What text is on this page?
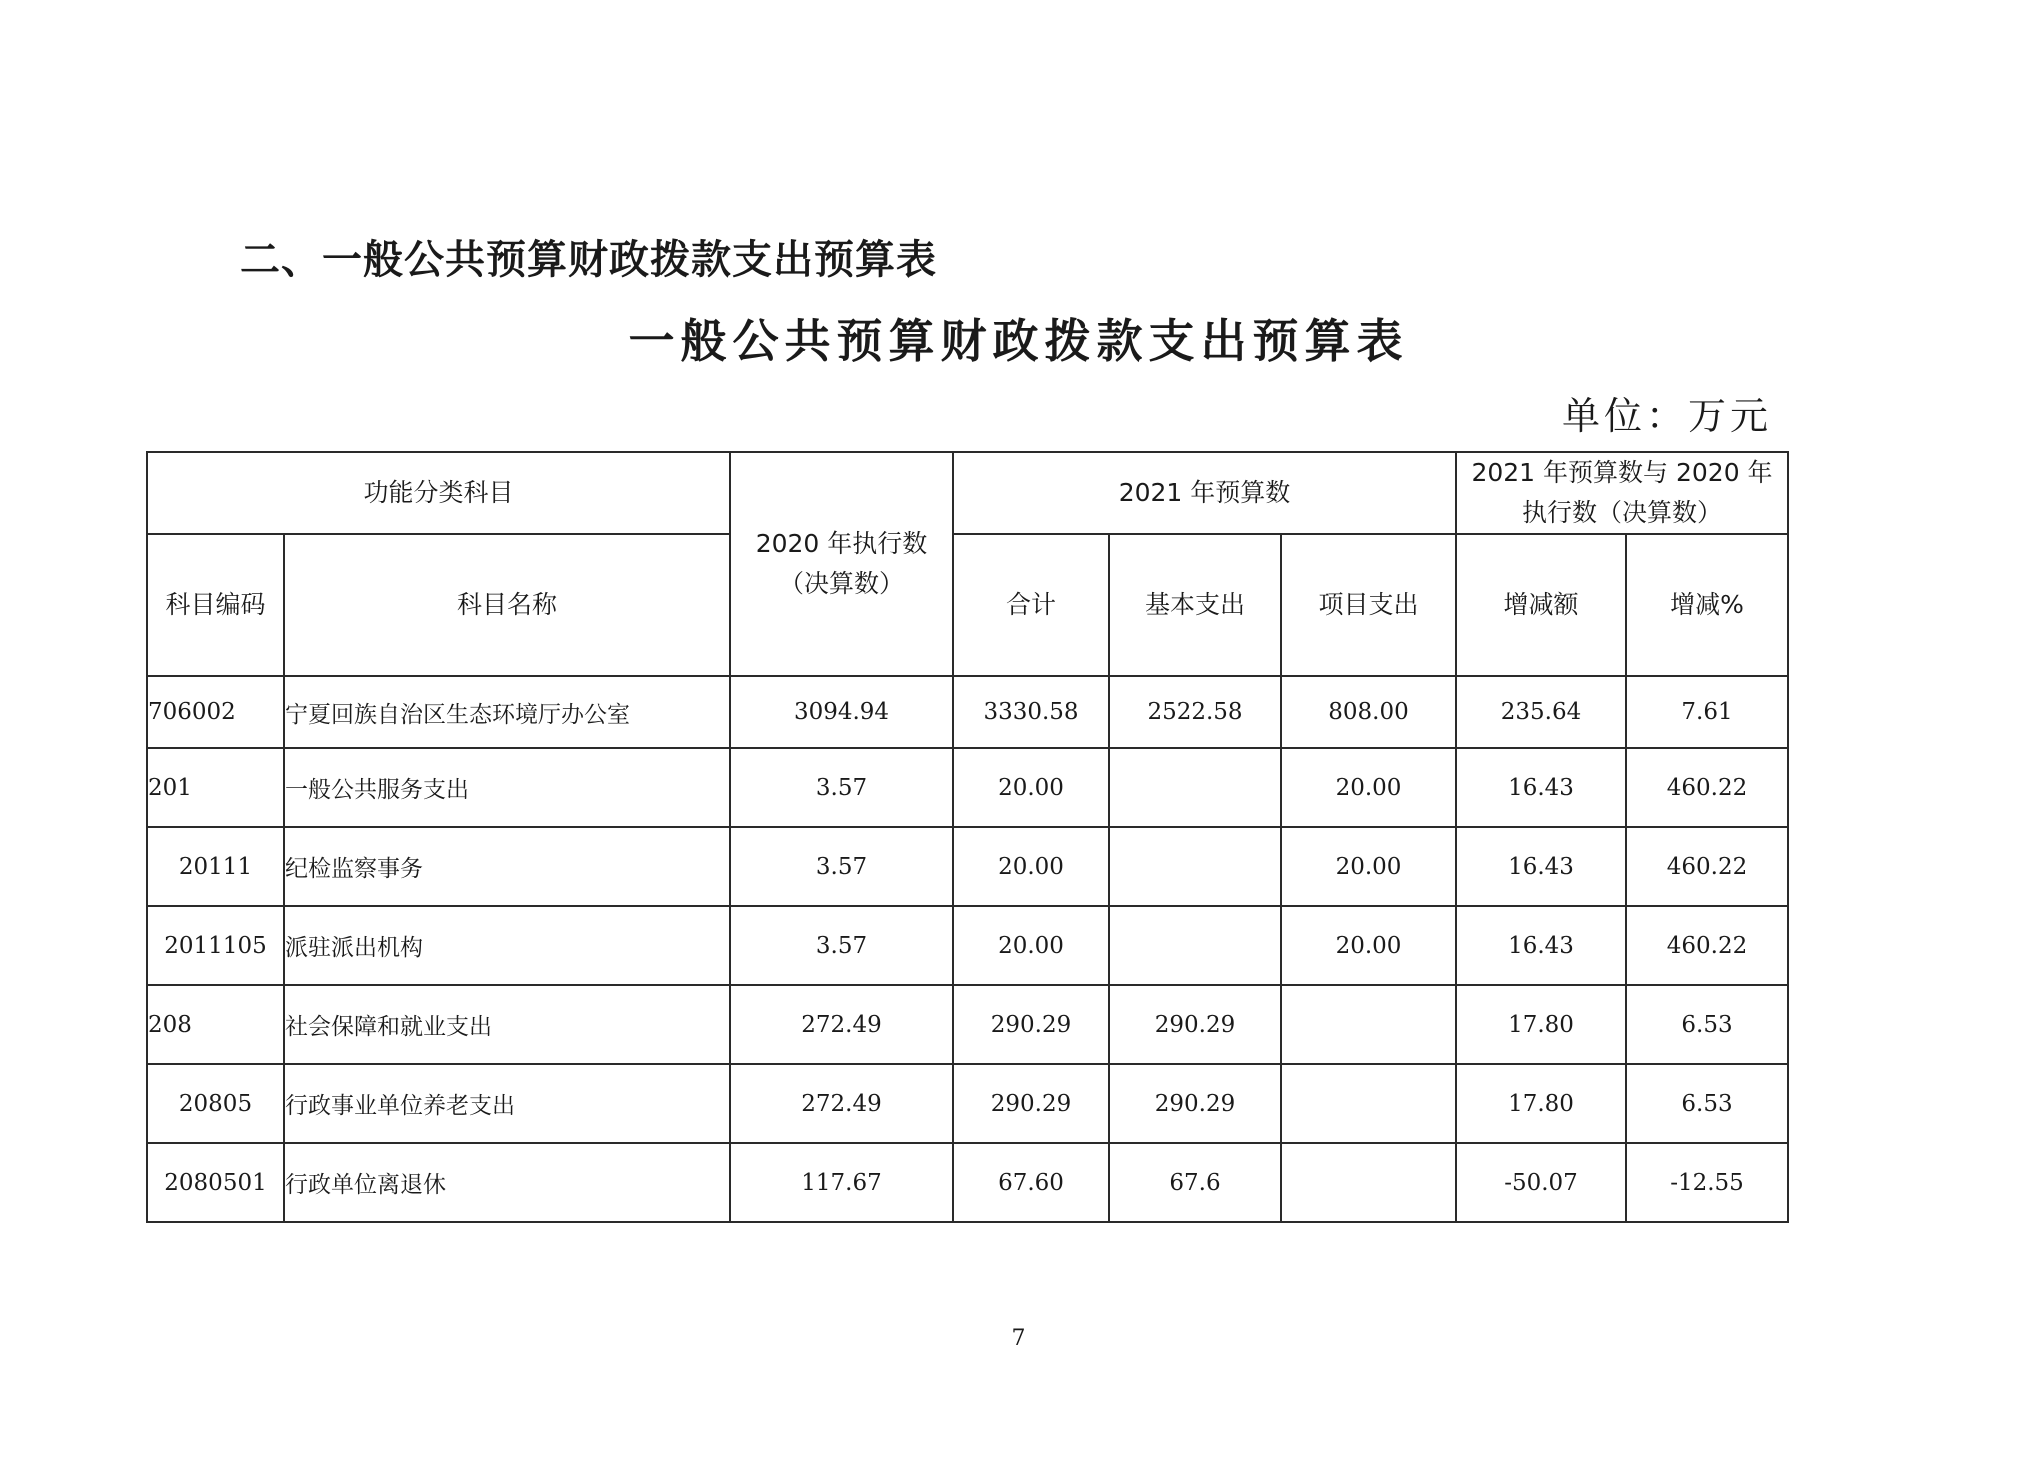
二、一般公共预算财政拨款支出预算表
一般公共预算财政拨款支出预算表
单位：万元
功能分类科目		2020 年执行数（决算数）	2021 年预算数			2021 年预算数与 2020 年执行数（决算数）	
科目编码	科目名称		合计	基本支出	项目支出	增减额	增减%
706002	宁夏回族自治区生态环境厅办公室	3094.94	3330.58	2522.58	808.00	235.64	7.61
201	一般公共服务支出	3.57	20.00		20.00	16.43	460.22
20111	纪检监察事务	3.57	20.00		20.00	16.43	460.22
2011105	派驻派出机构	3.57	20.00		20.00	16.43	460.22
208	社会保障和就业支出	272.49	290.29	290.29		17.80	6.53
20805	行政事业单位养老支出	272.49	290.29	290.29		17.80	6.53
2080501	行政单位离退休	117.67	67.60	67.6		-50.07	-12.55
7
